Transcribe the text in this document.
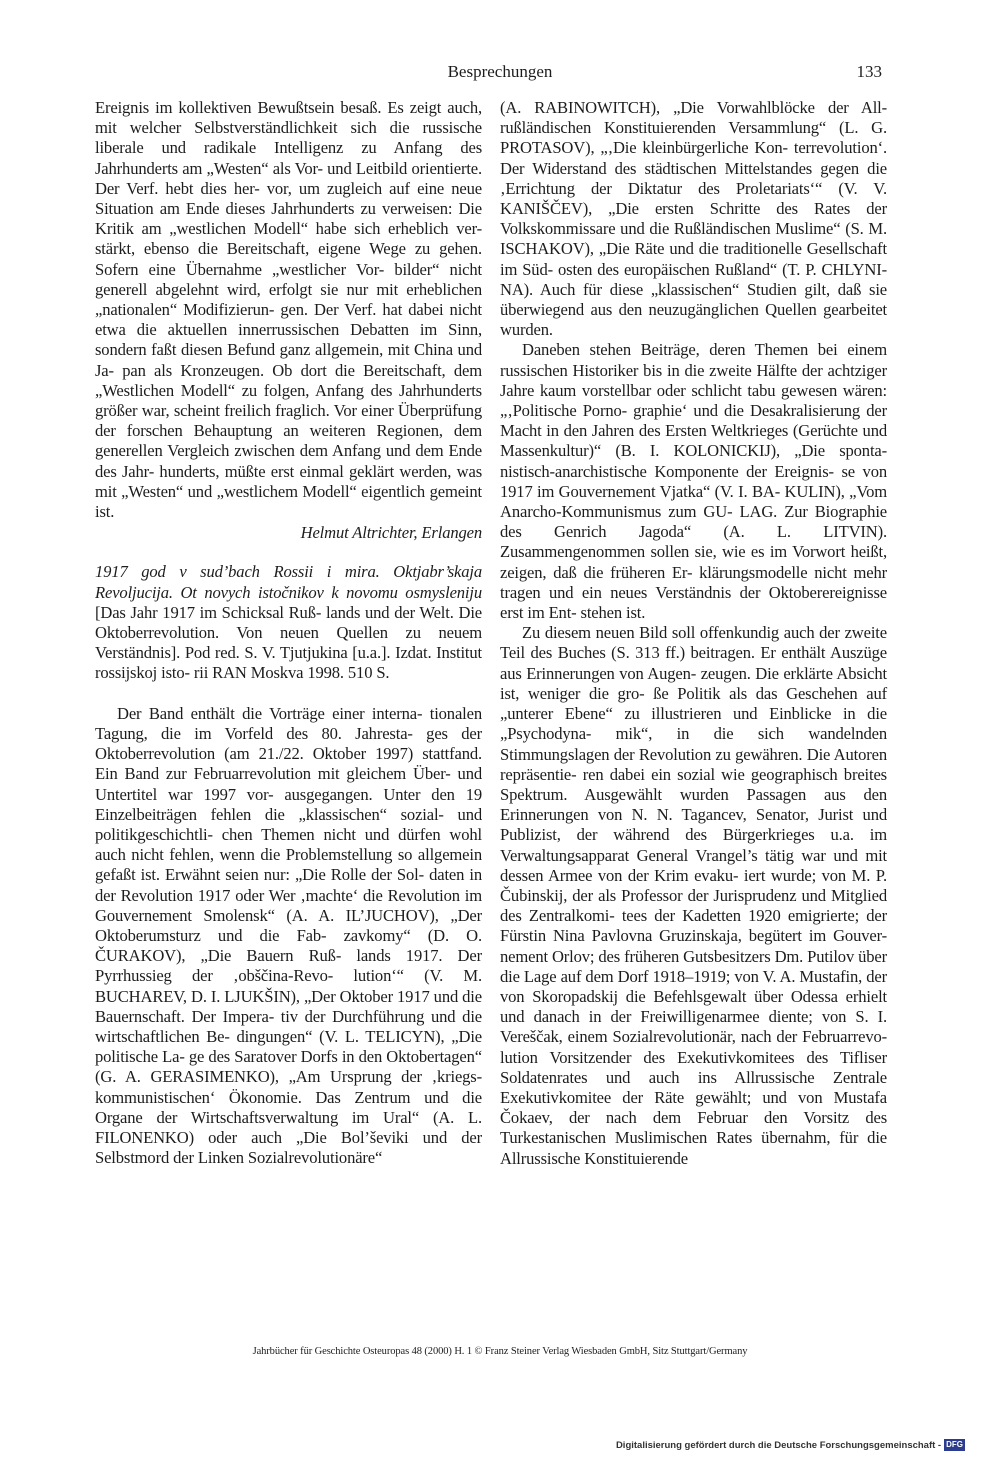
Besprechungen	133

Ereignis im kollektiven Bewußtsein besaß. Es zeigt auch, mit welcher Selbstverständlichkeit sich die russische liberale und radikale Intelligenz zu Anfang des Jahrhunderts am „Westen“ als Vor- und Leitbild orientierte. Der Verf. hebt dies her- vor, um zugleich auf eine neue Situation am Ende dieses Jahrhunderts zu verweisen: Die Kritik am „westlichen Modell“ habe sich erheblich ver- stärkt, ebenso die Bereitschaft, eigene Wege zu gehen. Sofern eine Übernahme „westlicher Vor- bilder“ nicht generell abgelehnt wird, erfolgt sie nur mit erheblichen „nationalen“ Modifizierun- gen. Der Verf. hat dabei nicht etwa die aktuellen innerrussischen Debatten im Sinn, sondern faßt diesen Befund ganz allgemein, mit China und Ja- pan als Kronzeugen. Ob dort die Bereitschaft, dem „Westlichen Modell“ zu folgen, Anfang des Jahrhunderts größer war, scheint freilich fraglich. Vor einer Überprüfung der forschen Behauptung an weiteren Regionen, dem generellen Vergleich zwischen dem Anfang und dem Ende des Jahr- hunderts, müßte erst einmal geklärt werden, was mit „Westen“ und „westlichem Modell“ eigentlich gemeint ist.

Helmut Altrichter, Erlangen

1917 god v sud’bach Rossii i mira. Oktjabr’skaja Revoljucija. Ot novych istočnikov k novomu osmysleniju [Das Jahr 1917 im Schicksal Ruß- lands und der Welt. Die Oktoberrevolution. Von neuen Quellen zu neuem Verständnis]. Pod red. S. V. Tjutjukina [u.a.]. Izdat. Institut rossijskoj isto- rii RAN Moskva 1998. 510 S.

Der Band enthält die Vorträge einer interna- tionalen Tagung, die im Vorfeld des 80. Jahresta- ges der Oktoberrevolution (am 21./22. Oktober 1997) stattfand. Ein Band zur Februarrevolution mit gleichem Über- und Untertitel war 1997 vor- ausgegangen. Unter den 19 Einzelbeiträgen fehlen die „klassischen“ sozial- und politikgeschichtli- chen Themen nicht und dürfen wohl auch nicht fehlen, wenn die Problemstellung so allgemein gefaßt ist. Erwähnt seien nur: „Die Rolle der Sol- daten in der Revolution 1917 oder Wer ‚machte‘ die Revolution im Gouvernement Smolensk“ (A. A. IL’JUCHOV), „Der Oktoberumsturz und die Fab- zavkomy“ (D. O. ČURAKOV), „Die Bauern Ruß- lands 1917. Der Pyrrhussieg der ‚obščina-Revo- lution‘“ (V. M. BUCHAREV, D. I. LJUKŠIN), „Der Oktober 1917 und die Bauernschaft. Der Impera- tiv der Durchführung und die wirtschaftlichen Be- dingungen“ (V. L. TELICYN), „Die politische La- ge des Saratover Dorfs in den Oktobertagen“ (G. A. GERASIMENKO), „Am Ursprung der ‚kriegs- kommunistischen‘ Ökonomie. Das Zentrum und die Organe der Wirtschaftsverwaltung im Ural“ (A. L. FILONENKO) oder auch „Die Bol’ševiki und der Selbstmord der Linken Sozialrevolutionäre“

(A. RABINOWITCH), „Die Vorwahlblöcke der All- rußländischen Konstituierenden Versammlung“ (L. G. PROTASOV), „‚Die kleinbürgerliche Kon- terrevolution‘. Der Widerstand des städtischen Mittelstandes gegen die ‚Errichtung der Diktatur des Proletariats‘“ (V. V. KANIŠČEV), „Die ersten Schritte des Rates der Volkskommissare und die Rußländischen Muslime“ (S. M. ISCHAKOV), „Die Räte und die traditionelle Gesellschaft im Süd- osten des europäischen Rußland“ (T. P. CHLYNI- NA). Auch für diese „klassischen“ Studien gilt, daß sie überwiegend aus den neuzugänglichen Quellen gearbeitet wurden.

Daneben stehen Beiträge, deren Themen bei einem russischen Historiker bis in die zweite Hälfte der achtziger Jahre kaum vorstellbar oder schlicht tabu gewesen wären: „‚Politische Porno- graphie‘ und die Desakralisierung der Macht in den Jahren des Ersten Weltkrieges (Gerüchte und Massenkultur)“ (B. I. KOLONICKIJ), „Die sponta- nistisch-anarchistische Komponente der Ereignis- se von 1917 im Gouvernement Vjatka“ (V. I. BA- KULIN), „Vom Anarcho-Kommunismus zum GU- LAG. Zur Biographie des Genrich Jagoda“ (A. L. LITVIN). Zusammengenommen sollen sie, wie es im Vorwort heißt, zeigen, daß die früheren Er- klärungsmodelle nicht mehr tragen und ein neues Verständnis der Oktoberereignisse erst im Ent- stehen ist.

Zu diesem neuen Bild soll offenkundig auch der zweite Teil des Buches (S. 313 ff.) beitragen. Er enthält Auszüge aus Erinnerungen von Augen- zeugen. Die erklärte Absicht ist, weniger die gro- ße Politik als das Geschehen auf „unterer Ebene“ zu illustrieren und Einblicke in die „Psychodyna- mik“, in die sich wandelnden Stimmungslagen der Revolution zu gewähren. Die Autoren repräsentie- ren dabei ein sozial wie geographisch breites Spektrum. Ausgewählt wurden Passagen aus den Erinnerungen von N. N. Tagancev, Senator, Jurist und Publizist, der während des Bürgerkrieges u.a. im Verwaltungsapparat General Vrangel’s tätig war und mit dessen Armee von der Krim evaku- iert wurde; von M. P. Čubinskij, der als Professor der Jurisprudenz und Mitglied des Zentralkomi- tees der Kadetten 1920 emigrierte; der Fürstin Nina Pavlovna Gruzinskaja, begütert im Gouver- nement Orlov; des früheren Gutsbesitzers Dm. Putilov über die Lage auf dem Dorf 1918–1919; von V. A. Mustafin, der von Skoropadskij die Befehlsgewalt über Odessa erhielt und danach in der Freiwilligenarmee diente; von S. I. Vereščak, einem Sozialrevolutionär, nach der Februarrevo- lution Vorsitzender des Exekutivkomitees des Tifliser Soldatenrates und auch ins Allrussische Zentrale Exekutivkomitee der Räte gewählt; und von Mustafa Čokaev, der nach dem Februar den Vorsitz des Turkestanischen Muslimischen Rates übernahm, für die Allrussische Konstituierende

Jahrbücher für Geschichte Osteuropas 48 (2000) H. 1 © Franz Steiner Verlag Wiesbaden GmbH, Sitz Stuttgart/Germany
Digitalisierung gefördert durch die Deutsche Forschungsgemeinschaft - DFG
